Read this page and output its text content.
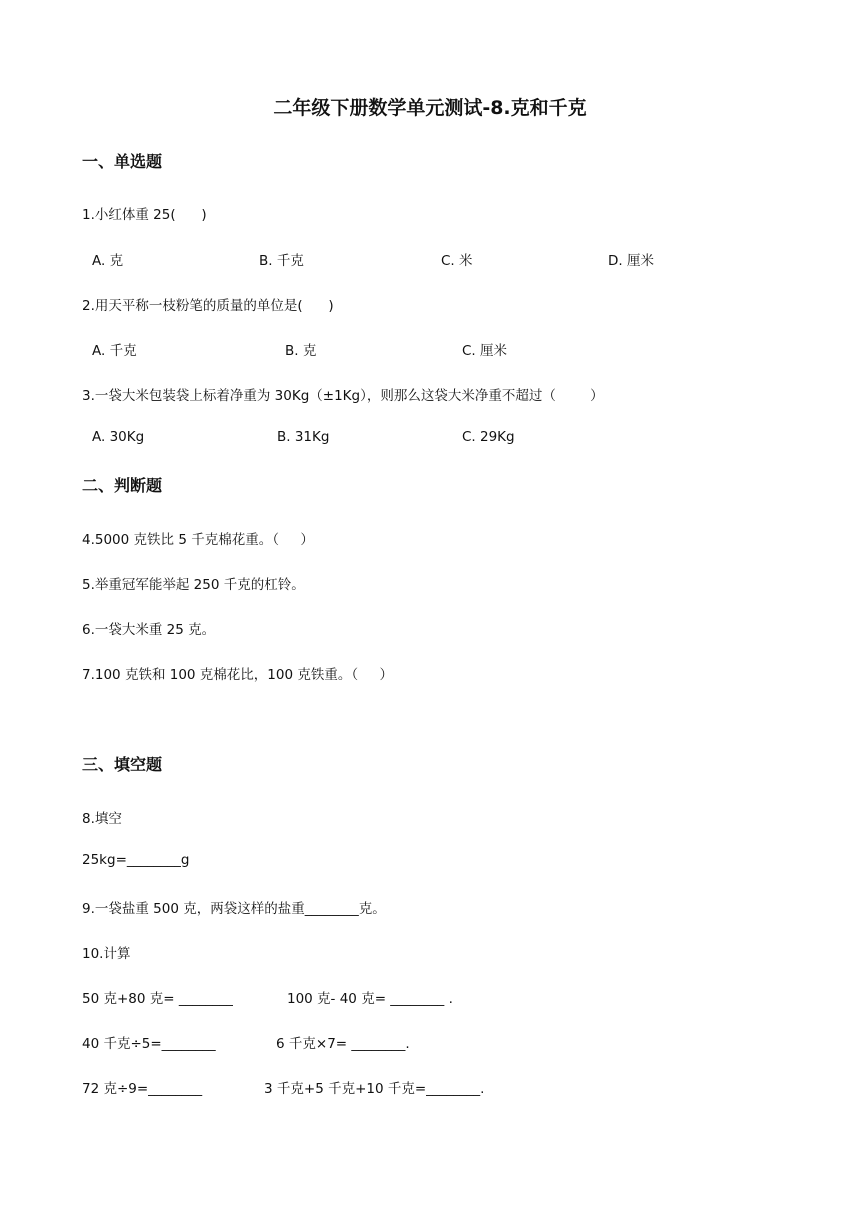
二年级下册数学单元测试-8.克和千克
一、单选题
1.小红体重 25(      )
A. 克	B. 千克	C. 米	D. 厘米
2.用天平称一枝粉笔的质量的单位是(      )
A. 千克	B. 克	C. 厘米
3.一袋大米包装袋上标着净重为 30Kg（±1Kg），则那么这袋大米净重不超过（        ）
A. 30Kg	B. 31Kg	C. 29Kg
二、判断题
4.5000 克铁比 5 千克棉花重。（     ）
5.举重冠军能举起 250 千克的杠铃。
6.一袋大米重 25 克。
7.100 克铁和 100 克棉花比，100 克铁重。（     ）
三、填空题
8.填空
25kg=________g
9.一袋盐重 500 克，两袋这样的盐重________克。
10.计算
50 克+80 克= ________	100 克- 40 克= ________ .
40 千克÷5=________	6 千克×7= ________.
72 克÷9=________	3 千克+5 千克+10 千克=________.
